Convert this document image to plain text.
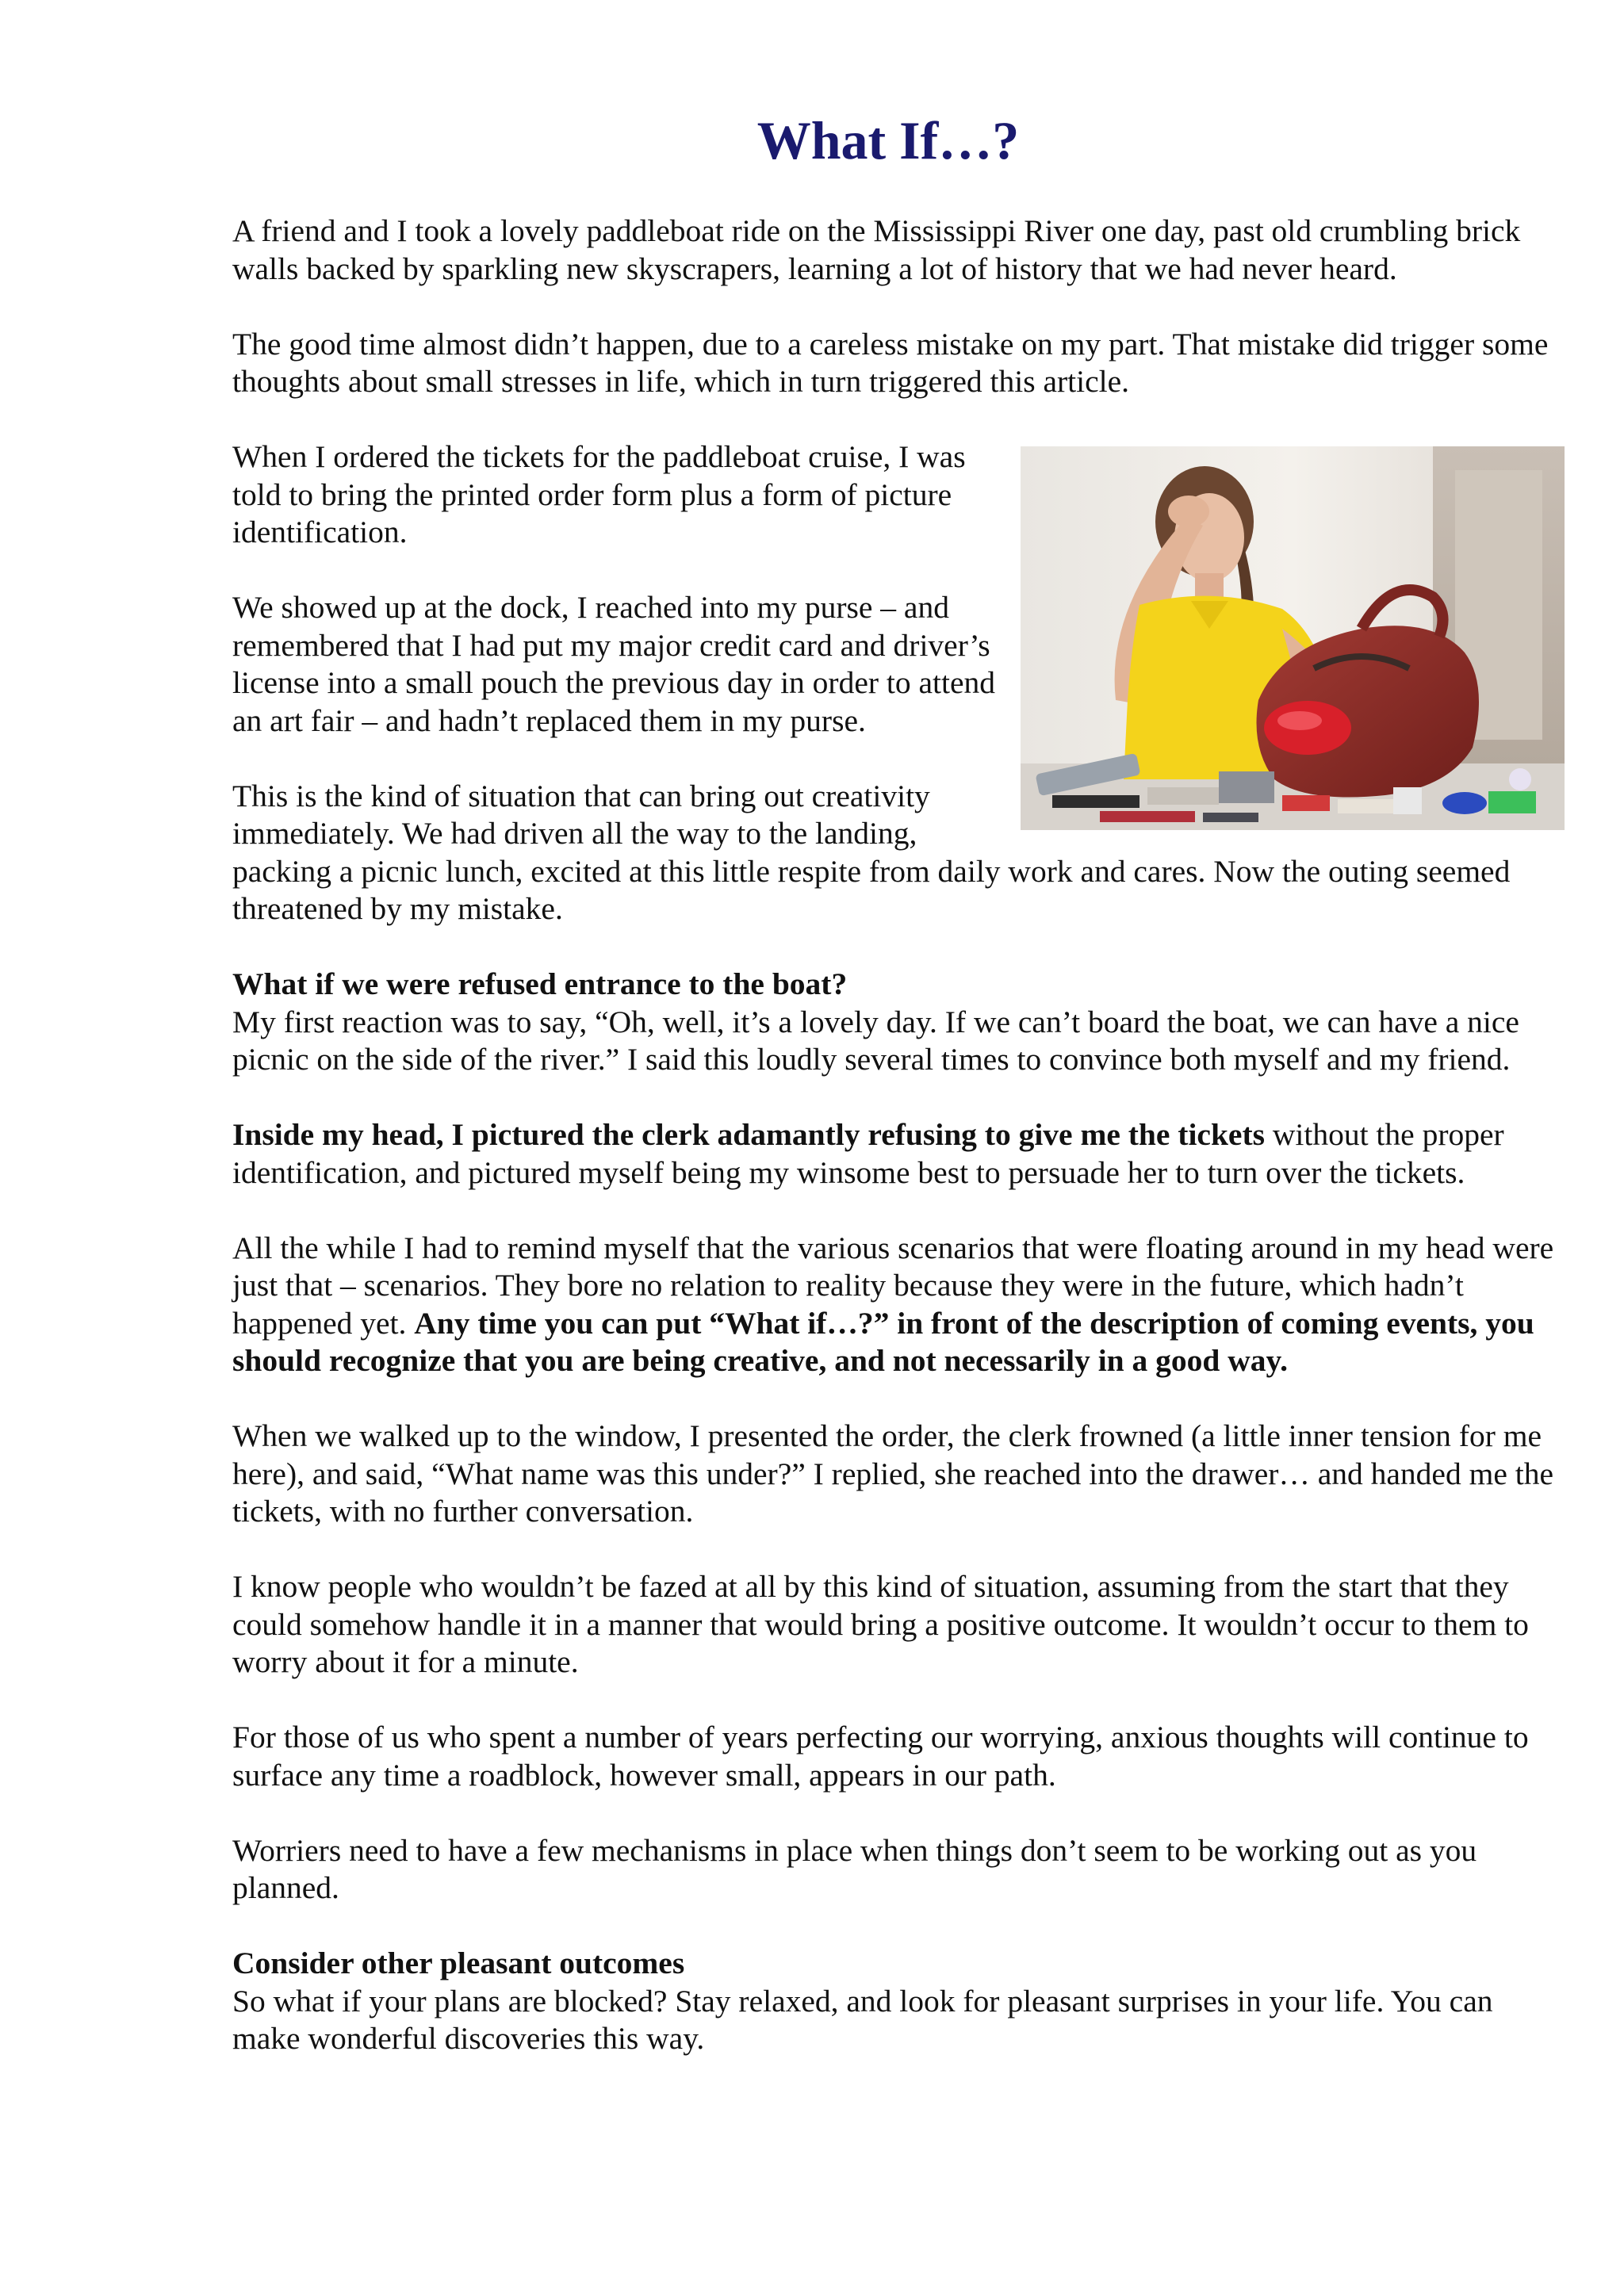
What If…?

A friend and I took a lovely paddleboat ride on the Mississippi River one day, past old crumbling brick walls backed by sparkling new skyscrapers, learning a lot of history that we had never heard.

The good time almost didn’t happen, due to a careless mistake on my part. That mistake did trigger some thoughts about small stresses in life, which in turn triggered this article.

When I ordered the tickets for the paddleboat cruise, I was told to bring the printed order form plus a form of picture identification.

We showed up at the dock, I reached into my purse – and remembered that I had put my major credit card and driver’s license into a small pouch the previous day in order to attend an art fair – and hadn’t replaced them in my purse.

This is the kind of situation that can bring out creativity immediately. We had driven all the way to the landing, packing a picnic lunch, excited at this little respite from daily work and cares. Now the outing seemed threatened by my mistake.

What if we were refused entrance to the boat?

My first reaction was to say, “Oh, well, it’s a lovely day. If we can’t board the boat, we can have a nice picnic on the side of the river.” I said this loudly several times to convince both myself and my friend.

Inside my head, I pictured the clerk adamantly refusing to give me the tickets without the proper identification, and pictured myself being my winsome best to persuade her to turn over the tickets.

All the while I had to remind myself that the various scenarios that were floating around in my head were just that – scenarios. They bore no relation to reality because they were in the future, which hadn’t happened yet. Any time you can put “What if…?” in front of the description of coming events, you should recognize that you are being creative, and not necessarily in a good way.

When we walked up to the window, I presented the order, the clerk frowned (a little inner tension for me here), and said, “What name was this under?” I replied, she reached into the drawer… and handed me the tickets, with no further conversation.

I know people who wouldn’t be fazed at all by this kind of situation, assuming from the start that they could somehow handle it in a manner that would bring a positive outcome. It wouldn’t occur to them to worry about it for a minute.

For those of us who spent a number of years perfecting our worrying, anxious thoughts will continue to surface any time a roadblock, however small, appears in our path.

Worriers need to have a few mechanisms in place when things don’t seem to be working out as you planned.

Consider other pleasant outcomes

So what if your plans are blocked? Stay relaxed, and look for pleasant surprises in your life. You can make wonderful discoveries this way.
